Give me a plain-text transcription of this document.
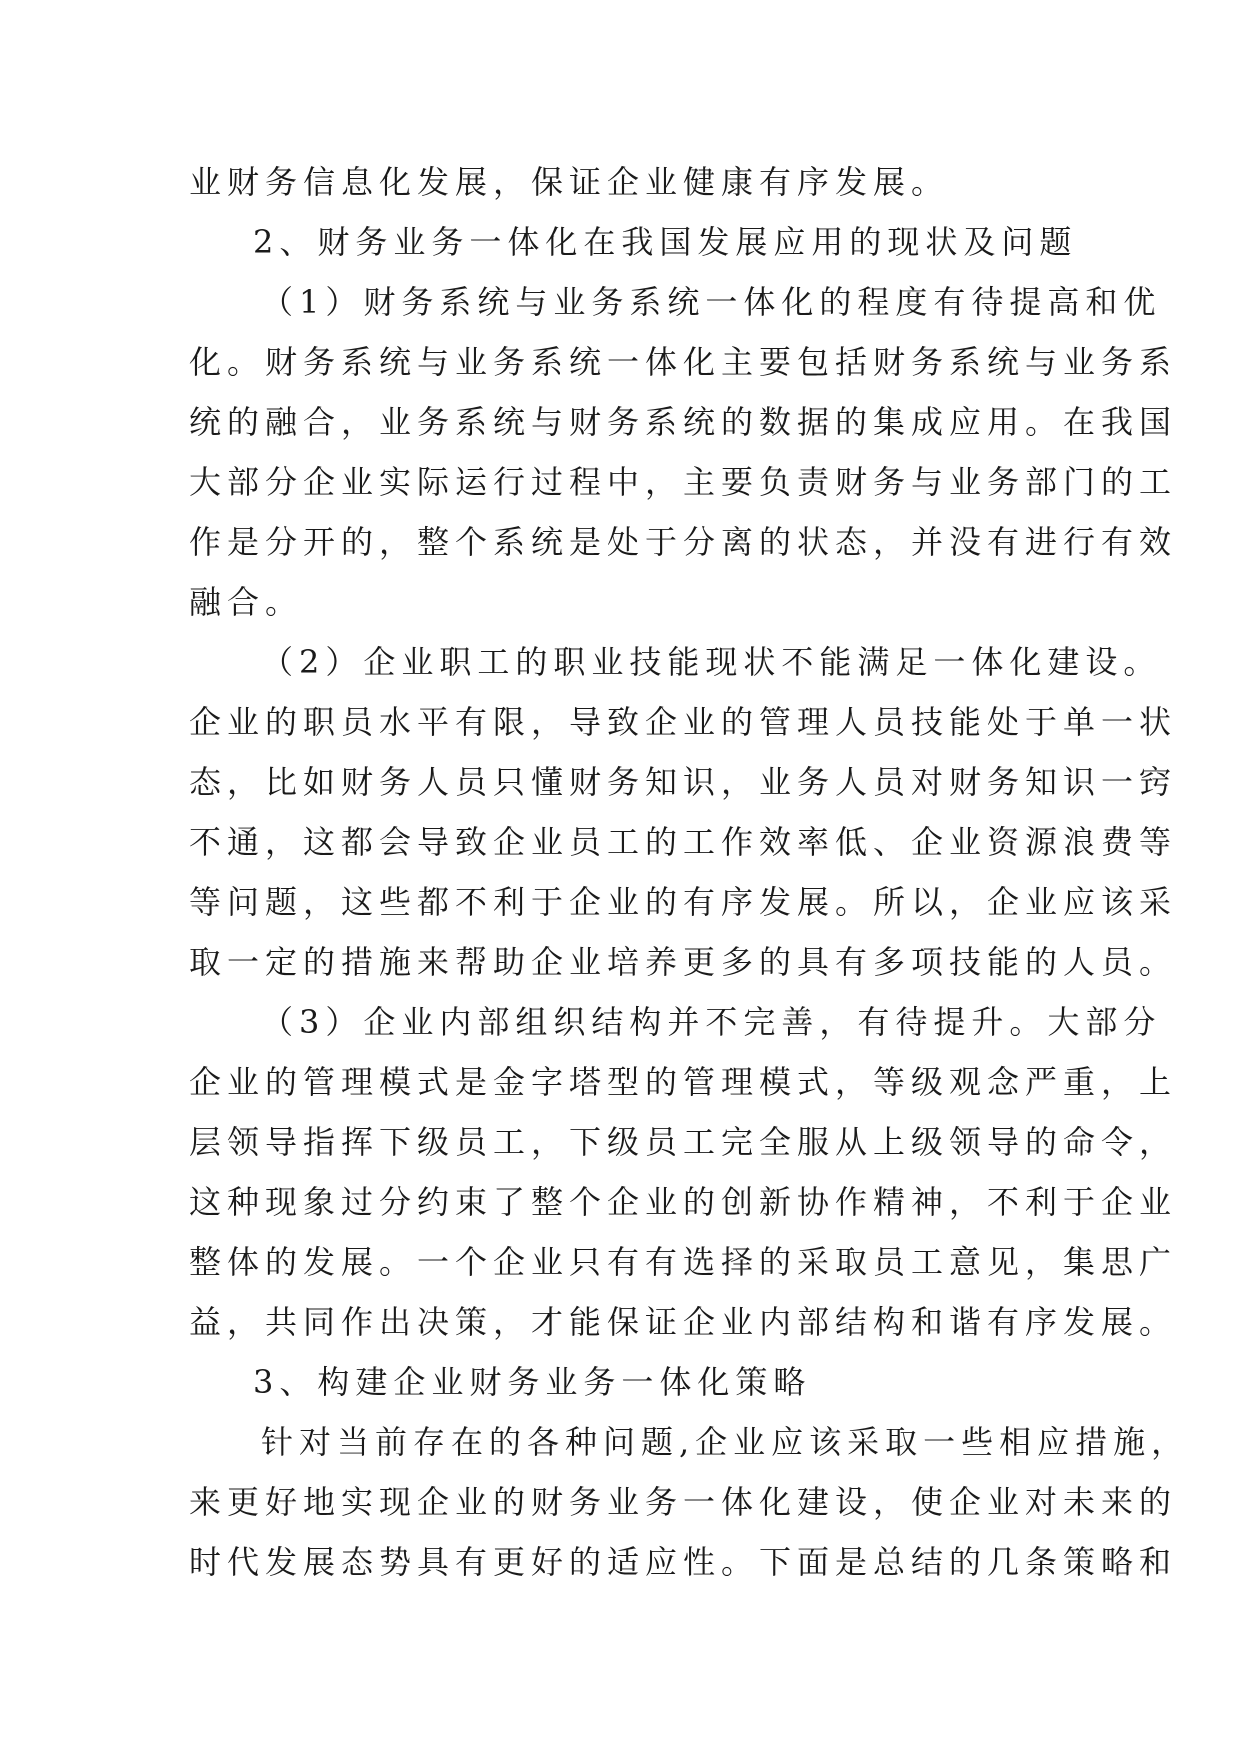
业财务信息化发展，保证企业健康有序发展。
2、财务业务一体化在我国发展应用的现状及问题
（1）财务系统与业务系统一体化的程度有待提高和优
化。财务系统与业务系统一体化主要包括财务系统与业务系
统的融合，业务系统与财务系统的数据的集成应用。在我国
大部分企业实际运行过程中，主要负责财务与业务部门的工
作是分开的，整个系统是处于分离的状态，并没有进行有效
融合。
（2）企业职工的职业技能现状不能满足一体化建设。
企业的职员水平有限，导致企业的管理人员技能处于单一状
态，比如财务人员只懂财务知识，业务人员对财务知识一窍
不通，这都会导致企业员工的工作效率低、企业资源浪费等
等问题，这些都不利于企业的有序发展。所以，企业应该采
取一定的措施来帮助企业培养更多的具有多项技能的人员。
（3）企业内部组织结构并不完善，有待提升。大部分
企业的管理模式是金字塔型的管理模式，等级观念严重，上
层领导指挥下级员工，下级员工完全服从上级领导的命令，
这种现象过分约束了整个企业的创新协作精神，不利于企业
整体的发展。一个企业只有有选择的采取员工意见，集思广
益，共同作出决策，才能保证企业内部结构和谐有序发展。
3、构建企业财务业务一体化策略
针对当前存在的各种问题,企业应该采取一些相应措施，
来更好地实现企业的财务业务一体化建设，使企业对未来的
时代发展态势具有更好的适应性。下面是总结的几条策略和
